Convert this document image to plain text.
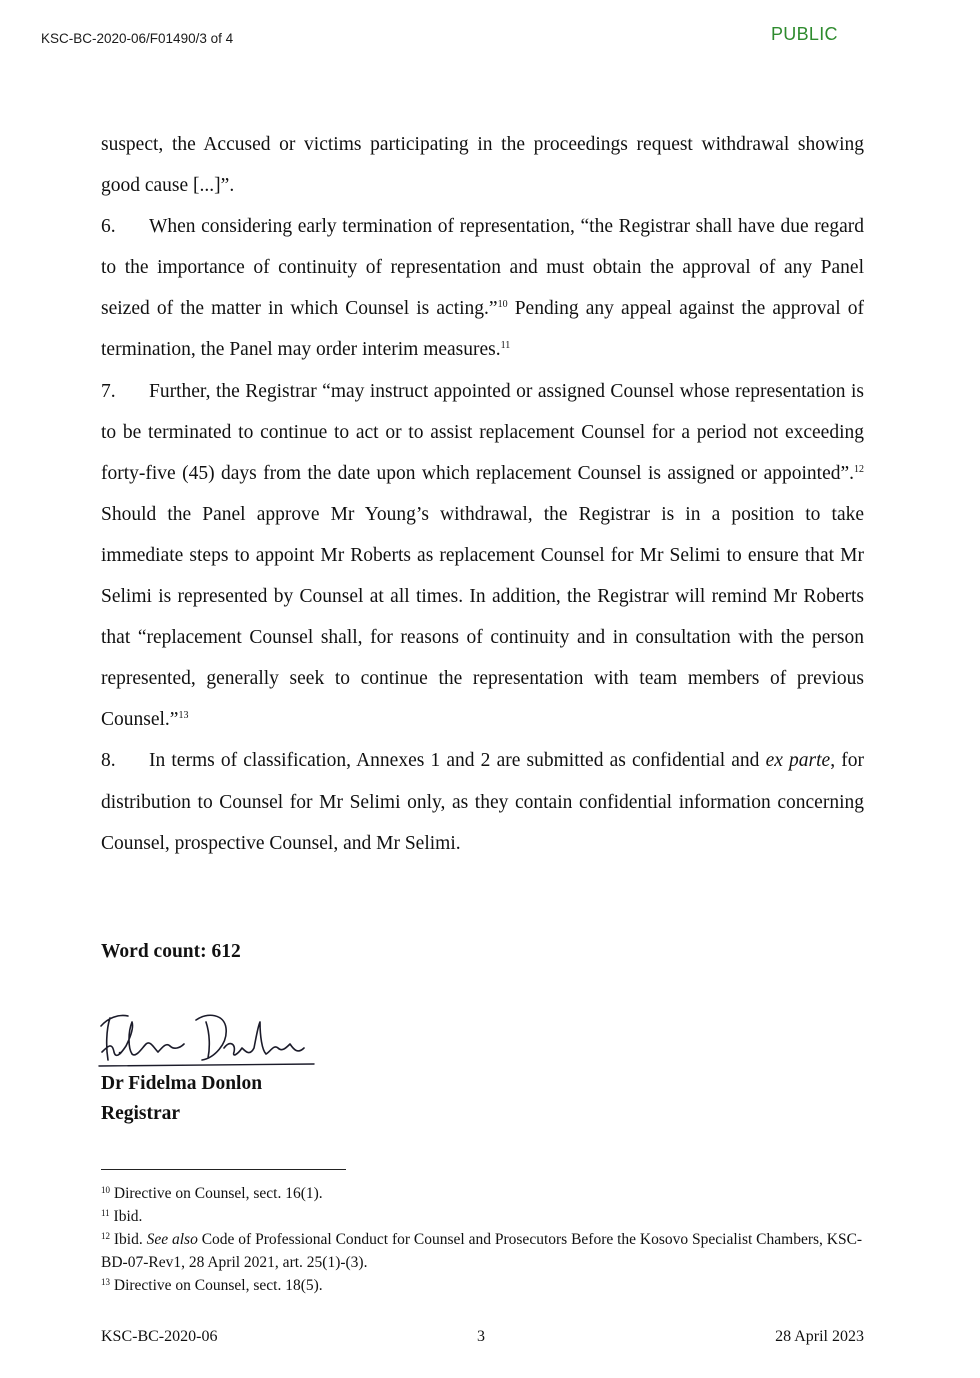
KSC-BC-2020-06/F01490/3 of 4	PUBLIC

suspect, the Accused or victims participating in the proceedings request withdrawal showing good cause [...]”.

6. When considering early termination of representation, “the Registrar shall have due regard to the importance of continuity of representation and must obtain the approval of any Panel seized of the matter in which Counsel is acting.”$^{10}$ Pending any appeal against the approval of termination, the Panel may order interim measures.$^{11}$

7. Further, the Registrar “may instruct appointed or assigned Counsel whose representation is to be terminated to continue to act or to assist replacement Counsel for a period not exceeding forty-five (45) days from the date upon which replacement Counsel is assigned or appointed”.$^{12}$ Should the Panel approve Mr Young’s withdrawal, the Registrar is in a position to take immediate steps to appoint Mr Roberts as replacement Counsel for Mr Selimi to ensure that Mr Selimi is represented by Counsel at all times. In addition, the Registrar will remind Mr Roberts that “replacement Counsel shall, for reasons of continuity and in consultation with the person represented, generally seek to continue the representation with team members of previous Counsel.”$^{13}$

8. In terms of classification, Annexes 1 and 2 are submitted as confidential and ex parte, for distribution to Counsel for Mr Selimi only, as they contain confidential information concerning Counsel, prospective Counsel, and Mr Selimi.

Word count: 612
Dr Fidelma Donlon
Registrar

$^{10}$ Directive on Counsel, sect. 16(1).

$^{11}$ Ibid.

$^{12}$ Ibid. See also Code of Professional Conduct for Counsel and Prosecutors Before the Kosovo Specialist Chambers, KSC-BD-07-Rev1, 28 April 2021, art. 25(1)-(3).

$^{13}$ Directive on Counsel, sect. 18(5).

KSC-BC-2020-06	3	28 April 2023
